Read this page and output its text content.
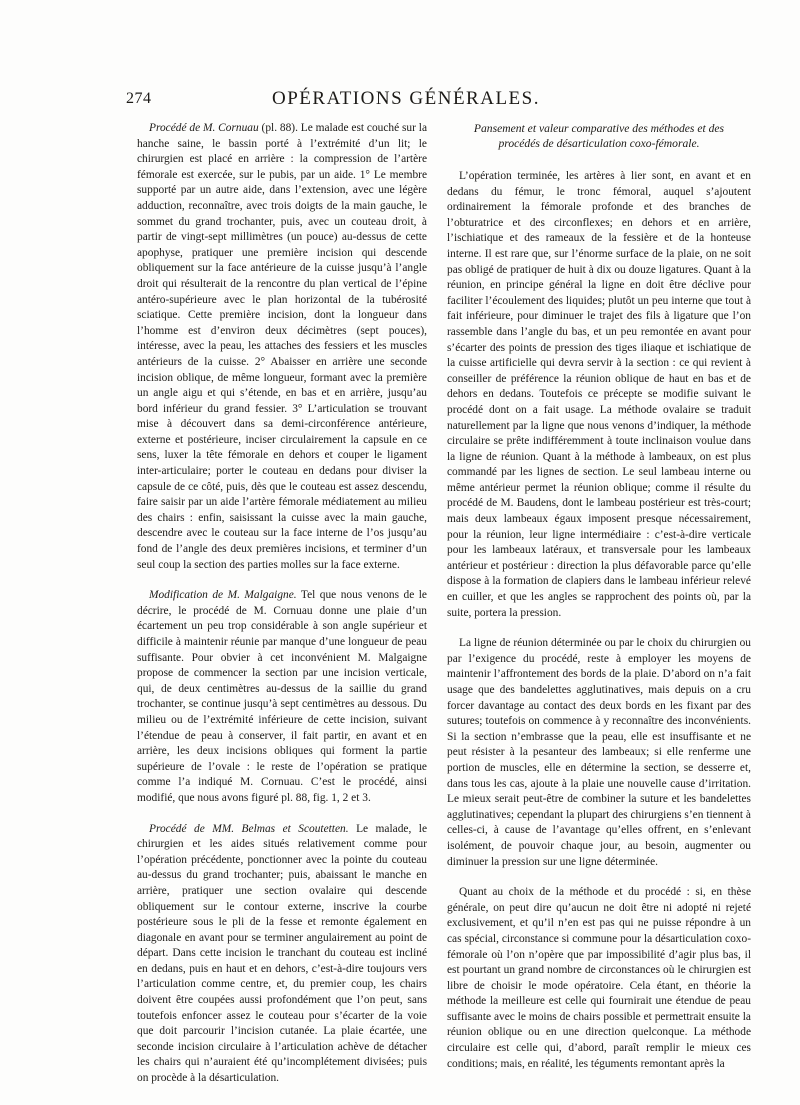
274	OPÉRATIONS GÉNÉRALES.

Procédé de M. Cornuau (pl. 88). Le malade est couché sur la hanche saine, le bassin porté à l’extrémité d’un lit; le chirurgien est placé en arrière : la compression de l’artère fémorale est exercée, sur le pubis, par un aide. 1° Le membre supporté par un autre aide, dans l’extension, avec une légère adduction, reconnaître, avec trois doigts de la main gauche, le sommet du grand trochanter, puis, avec un couteau droit, à partir de vingt-sept millimètres (un pouce) au-dessus de cette apophyse, pratiquer une première incision qui descende obliquement sur la face antérieure de la cuisse jusqu’à l’angle droit qui résulterait de la rencontre du plan vertical de l’épine antéro-supérieure avec le plan horizontal de la tubérosité sciatique. Cette première incision, dont la longueur dans l’homme est d’environ deux décimètres (sept pouces), intéresse, avec la peau, les attaches des fessiers et les muscles antérieurs de la cuisse. 2° Abaisser en arrière une seconde incision oblique, de même longueur, formant avec la première un angle aigu et qui s’étende, en bas et en arrière, jusqu’au bord inférieur du grand fessier. 3° L’articulation se trouvant mise à découvert dans sa demi-circonférence antérieure, externe et postérieure, inciser circulairement la capsule en ce sens, luxer la tête fémorale en dehors et couper le ligament inter-articulaire; porter le couteau en dedans pour diviser la capsule de ce côté, puis, dès que le couteau est assez descendu, faire saisir par un aide l’artère fémorale médiatement au milieu des chairs : enfin, saisissant la cuisse avec la main gauche, descendre avec le couteau sur la face interne de l’os jusqu’au fond de l’angle des deux premières incisions, et terminer d’un seul coup la section des parties molles sur la face externe.

Modification de M. Malgaigne. Tel que nous venons de le décrire, le procédé de M. Cornuau donne une plaie d’un écartement un peu trop considérable à son angle supérieur et difficile à maintenir réunie par manque d’une longueur de peau suffisante. Pour obvier à cet inconvénient M. Malgaigne propose de commencer la section par une incision verticale, qui, de deux centimètres au-dessus de la saillie du grand trochanter, se continue jusqu’à sept centimètres au dessous. Du milieu ou de l’extrémité inférieure de cette incision, suivant l’étendue de peau à conserver, il fait partir, en avant et en arrière, les deux incisions obliques qui forment la partie supérieure de l’ovale : le reste de l’opération se pratique comme l’a indiqué M. Cornuau. C’est le procédé, ainsi modifié, que nous avons figuré pl. 88, fig. 1, 2 et 3.

Procédé de MM. Belmas et Scoutetten. Le malade, le chirurgien et les aides situés relativement comme pour l’opération précédente, ponctionner avec la pointe du couteau au-dessus du grand trochanter; puis, abaissant le manche en arrière, pratiquer une section ovalaire qui descende obliquement sur le contour externe, inscrive la courbe postérieure sous le pli de la fesse et remonte également en diagonale en avant pour se terminer angulairement au point de départ. Dans cette incision le tranchant du couteau est incliné en dedans, puis en haut et en dehors, c’est-à-dire toujours vers l’articulation comme centre, et, du premier coup, les chairs doivent être coupées aussi profondément que l’on peut, sans toutefois enfoncer assez le couteau pour s’écarter de la voie que doit parcourir l’incision cutanée. La plaie écartée, une seconde incision circulaire à l’articulation achève de détacher les chairs qui n’auraient été qu’incomplétement divisées; puis on procède à la désarticulation.

Pansement et valeur comparative des méthodes et des procédés de désarticulation coxo-fémorale.

L’opération terminée, les artères à lier sont, en avant et en dedans du fémur, le tronc fémoral, auquel s’ajoutent ordinairement la fémorale profonde et des branches de l’obturatrice et des circonflexes; en dehors et en arrière, l’ischiatique et des rameaux de la fessière et de la honteuse interne. Il est rare que, sur l’énorme surface de la plaie, on ne soit pas obligé de pratiquer de huit à dix ou douze ligatures. Quant à la réunion, en principe général la ligne en doit être déclive pour faciliter l’écoulement des liquides; plutôt un peu interne que tout à fait inférieure, pour diminuer le trajet des fils à ligature que l’on rassemble dans l’angle du bas, et un peu remontée en avant pour s’écarter des points de pression des tiges iliaque et ischiatique de la cuisse artificielle qui devra servir à la section : ce qui revient à conseiller de préférence la réunion oblique de haut en bas et de dehors en dedans. Toutefois ce précepte se modifie suivant le procédé dont on a fait usage. La méthode ovalaire se traduit naturellement par la ligne que nous venons d’indiquer, la méthode circulaire se prête indifféremment à toute inclinaison voulue dans la ligne de réunion. Quant à la méthode à lambeaux, on est plus commandé par les lignes de section. Le seul lambeau interne ou même antérieur permet la réunion oblique; comme il résulte du procédé de M. Baudens, dont le lambeau postérieur est très-court; mais deux lambeaux égaux imposent presque nécessairement, pour la réunion, leur ligne intermédiaire : c’est-à-dire verticale pour les lambeaux latéraux, et transversale pour les lambeaux antérieur et postérieur : direction la plus défavorable parce qu’elle dispose à la formation de clapiers dans le lambeau inférieur relevé en cuiller, et que les angles se rapprochent des points où, par la suite, portera la pression.

La ligne de réunion déterminée ou par le choix du chirurgien ou par l’exigence du procédé, reste à employer les moyens de maintenir l’affrontement des bords de la plaie. D’abord on n’a fait usage que des bandelettes agglutinatives, mais depuis on a cru forcer davantage au contact des deux bords en les fixant par des sutures; toutefois on commence à y reconnaître des inconvénients. Si la section n’embrasse que la peau, elle est insuffisante et ne peut résister à la pesanteur des lambeaux; si elle renferme une portion de muscles, elle en détermine la section, se desserre et, dans tous les cas, ajoute à la plaie une nouvelle cause d’irritation. Le mieux serait peut-être de combiner la suture et les bandelettes agglutinatives; cependant la plupart des chirurgiens s’en tiennent à celles-ci, à cause de l’avantage qu’elles offrent, en s’enlevant isolément, de pouvoir chaque jour, au besoin, augmenter ou diminuer la pression sur une ligne déterminée.

Quant au choix de la méthode et du procédé : si, en thèse générale, on peut dire qu’aucun ne doit être ni adopté ni rejeté exclusivement, et qu’il n’en est pas qui ne puisse répondre à un cas spécial, circonstance si commune pour la désarticulation coxo-fémorale où l’on n’opère que par impossibilité d’agir plus bas, il est pourtant un grand nombre de circonstances où le chirurgien est libre de choisir le mode opératoire. Cela étant, en théorie la méthode la meilleure est celle qui fournirait une étendue de peau suffisante avec le moins de chairs possible et permettrait ensuite la réunion oblique ou en une direction quelconque. La méthode circulaire est celle qui, d’abord, paraît remplir le mieux ces conditions; mais, en réalité, les téguments remontant après la
